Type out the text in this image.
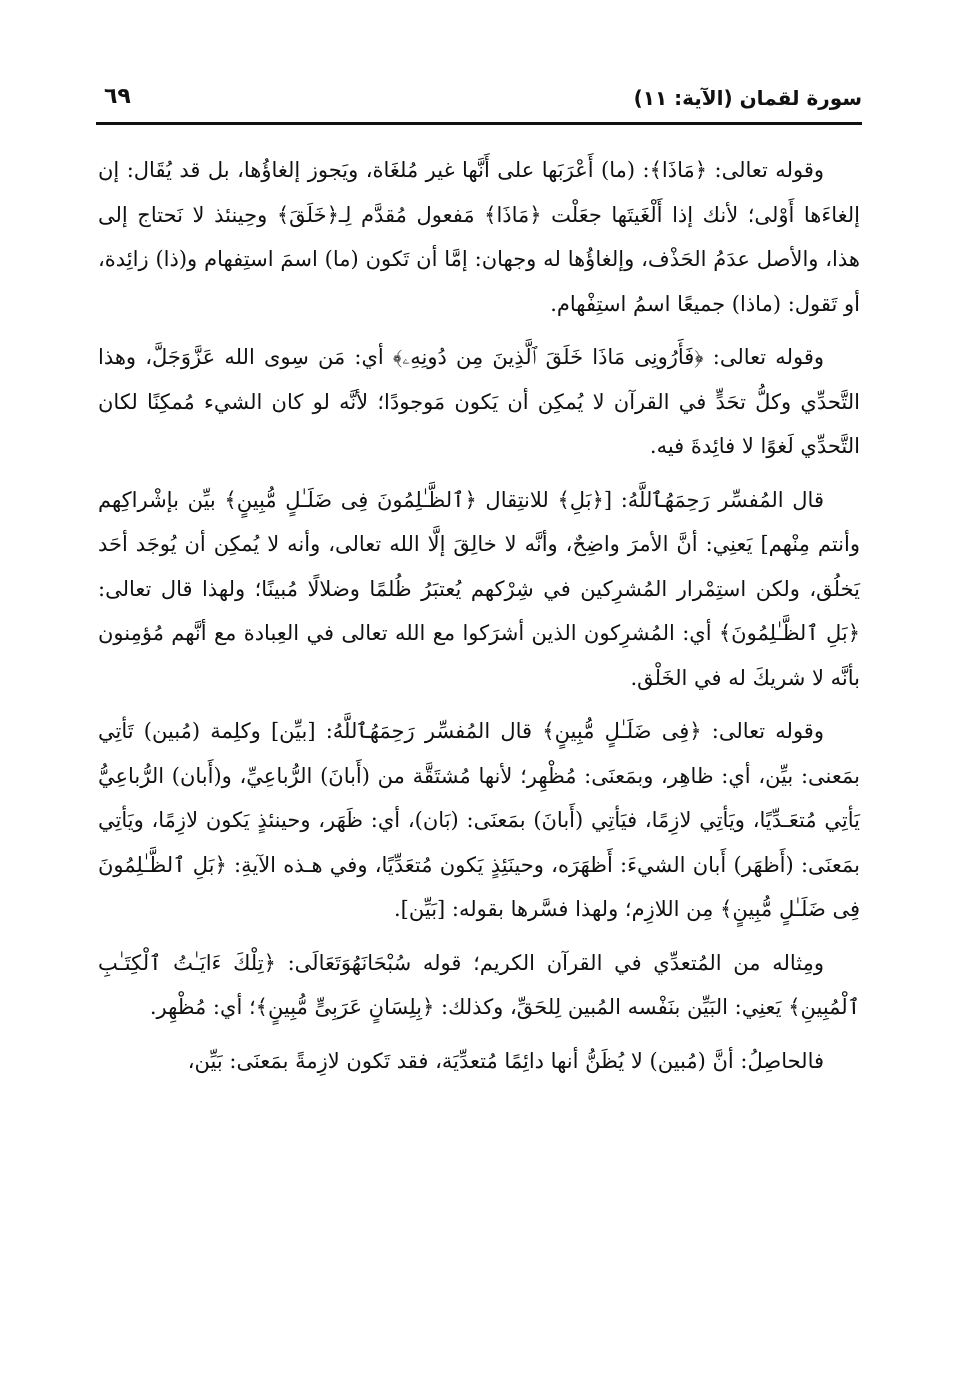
سورة لقمان (الآية: ١١)
٦٩

وقوله تعالى: ﴿مَاذَا﴾: (ما) أَعْرَبَها على أَنَّها غير مُلغَاة، ويَجوز إلغاؤُها، بل قد يُقَال: إن إلغاءَها أَوْلى؛ لأنك إذا أَلْغَيتَها جعَلْت ﴿مَاذَا﴾ مَفعول مُقدَّم لِـ﴿خَلَقَ﴾ وحِينئذ لا نَحتاج إلى هذا، والأصل عدَمُ الحَذْف، وإلغاؤُها له وجهان: إمَّا أن تَكون (ما) اسمَ استِفهام و(ذا) زائِدة، أو تَقول: (ماذا) جميعًا اسمُ استِفْهام.

وقوله تعالى: ﴿فَأَرُونِى مَاذَا خَلَقَ ٱلَّذِينَ مِن دُونِهِۦ﴾ أي: مَن سِوى الله عَزَّوَجَلَّ، وهذا التَّحدِّي وكلُّ تحَدٍّ في القرآن لا يُمكِن أن يَكون مَوجودًا؛ لأنَّه لو كان الشيء مُمكِنًا لكان التَّحدِّي لَغوًا لا فائِدةَ فيه.

قال المُفسِّر رَحِمَهُٱللَّهُ: [﴿بَلِ﴾ للانتِقال ﴿ٱلظَّـٰلِمُونَ فِى ضَلَـٰلٍ مُّبِينٍ﴾ بيِّن بإشْراكِهم وأنتم مِنْهم] يَعنِي: أنَّ الأمرَ واضِحٌ، وأنَّه لا خالِقَ إلَّا الله تعالى، وأنه لا يُمكِن أن يُوجَد أحَد يَخلُق، ولكن استِمْرار المُشرِكين في شِرْكهم يُعتبَرُ ظُلمًا وضلالًا مُبينًا؛ ولهذا قال تعالى: ﴿بَلِ ٱلظَّـٰلِمُونَ﴾ أي: المُشرِكون الذين أشرَكوا مع الله تعالى في العِبادة مع أنَّهم مُؤمِنون بأنَّه لا شريكَ له في الخَلْق.

وقوله تعالى: ﴿فِى ضَلَـٰلٍ مُّبِينٍ﴾ قال المُفسِّر رَحِمَهُٱللَّهُ: [بيِّن] وكلِمة (مُبين) تَأتِي بمَعنى: بيِّن، أي: ظاهِر، وبمَعنَى: مُظْهِر؛ لأنها مُشتَقَّة من (أَبانَ) الرُّباعِيِّ، و(أَبان) الرُّباعِيُّ يَأتِي مُتعَـدِّيًا، ويَأتِي لازِمًا، فيَأتِي (أَبانَ) بمَعنَى: (بَان)، أي: ظَهَر، وحينئذٍ يَكون لازِمًا، ويَأتِي بمَعنَى: (أَظهَر) أَبان الشيءَ: أَظهَرَه، وحينَئِذٍ يَكون مُتعَدِّيًا، وفي هـذه الآيةِ: ﴿بَلِ ٱلظَّـٰلِمُونَ فِى ضَلَـٰلٍ مُّبِينٍ﴾ مِن اللازِم؛ ولهذا فسَّرها بقوله: [بَيِّن].

ومِثاله من المُتعدِّي في القرآن الكريم؛ قوله سُبْحَانَهُوَتَعَالَى: ﴿تِلْكَ ءَايَـٰتُ ٱلْكِتَـٰبِ ٱلْمُبِينِ﴾ يَعنِي: البَيِّن بنَفْسه المُبين لِلحَقِّ، وكذلك: ﴿بِلِسَانٍ عَرَبِىٍّ مُّبِينٍ﴾؛ أي: مُظْهِر.

فالحاصِلُ: أنَّ (مُبين) لا يُظَنُّ أنها دائِمًا مُتعدِّيَة، فقد تَكون لازِمةً بمَعنَى: بَيِّن،
